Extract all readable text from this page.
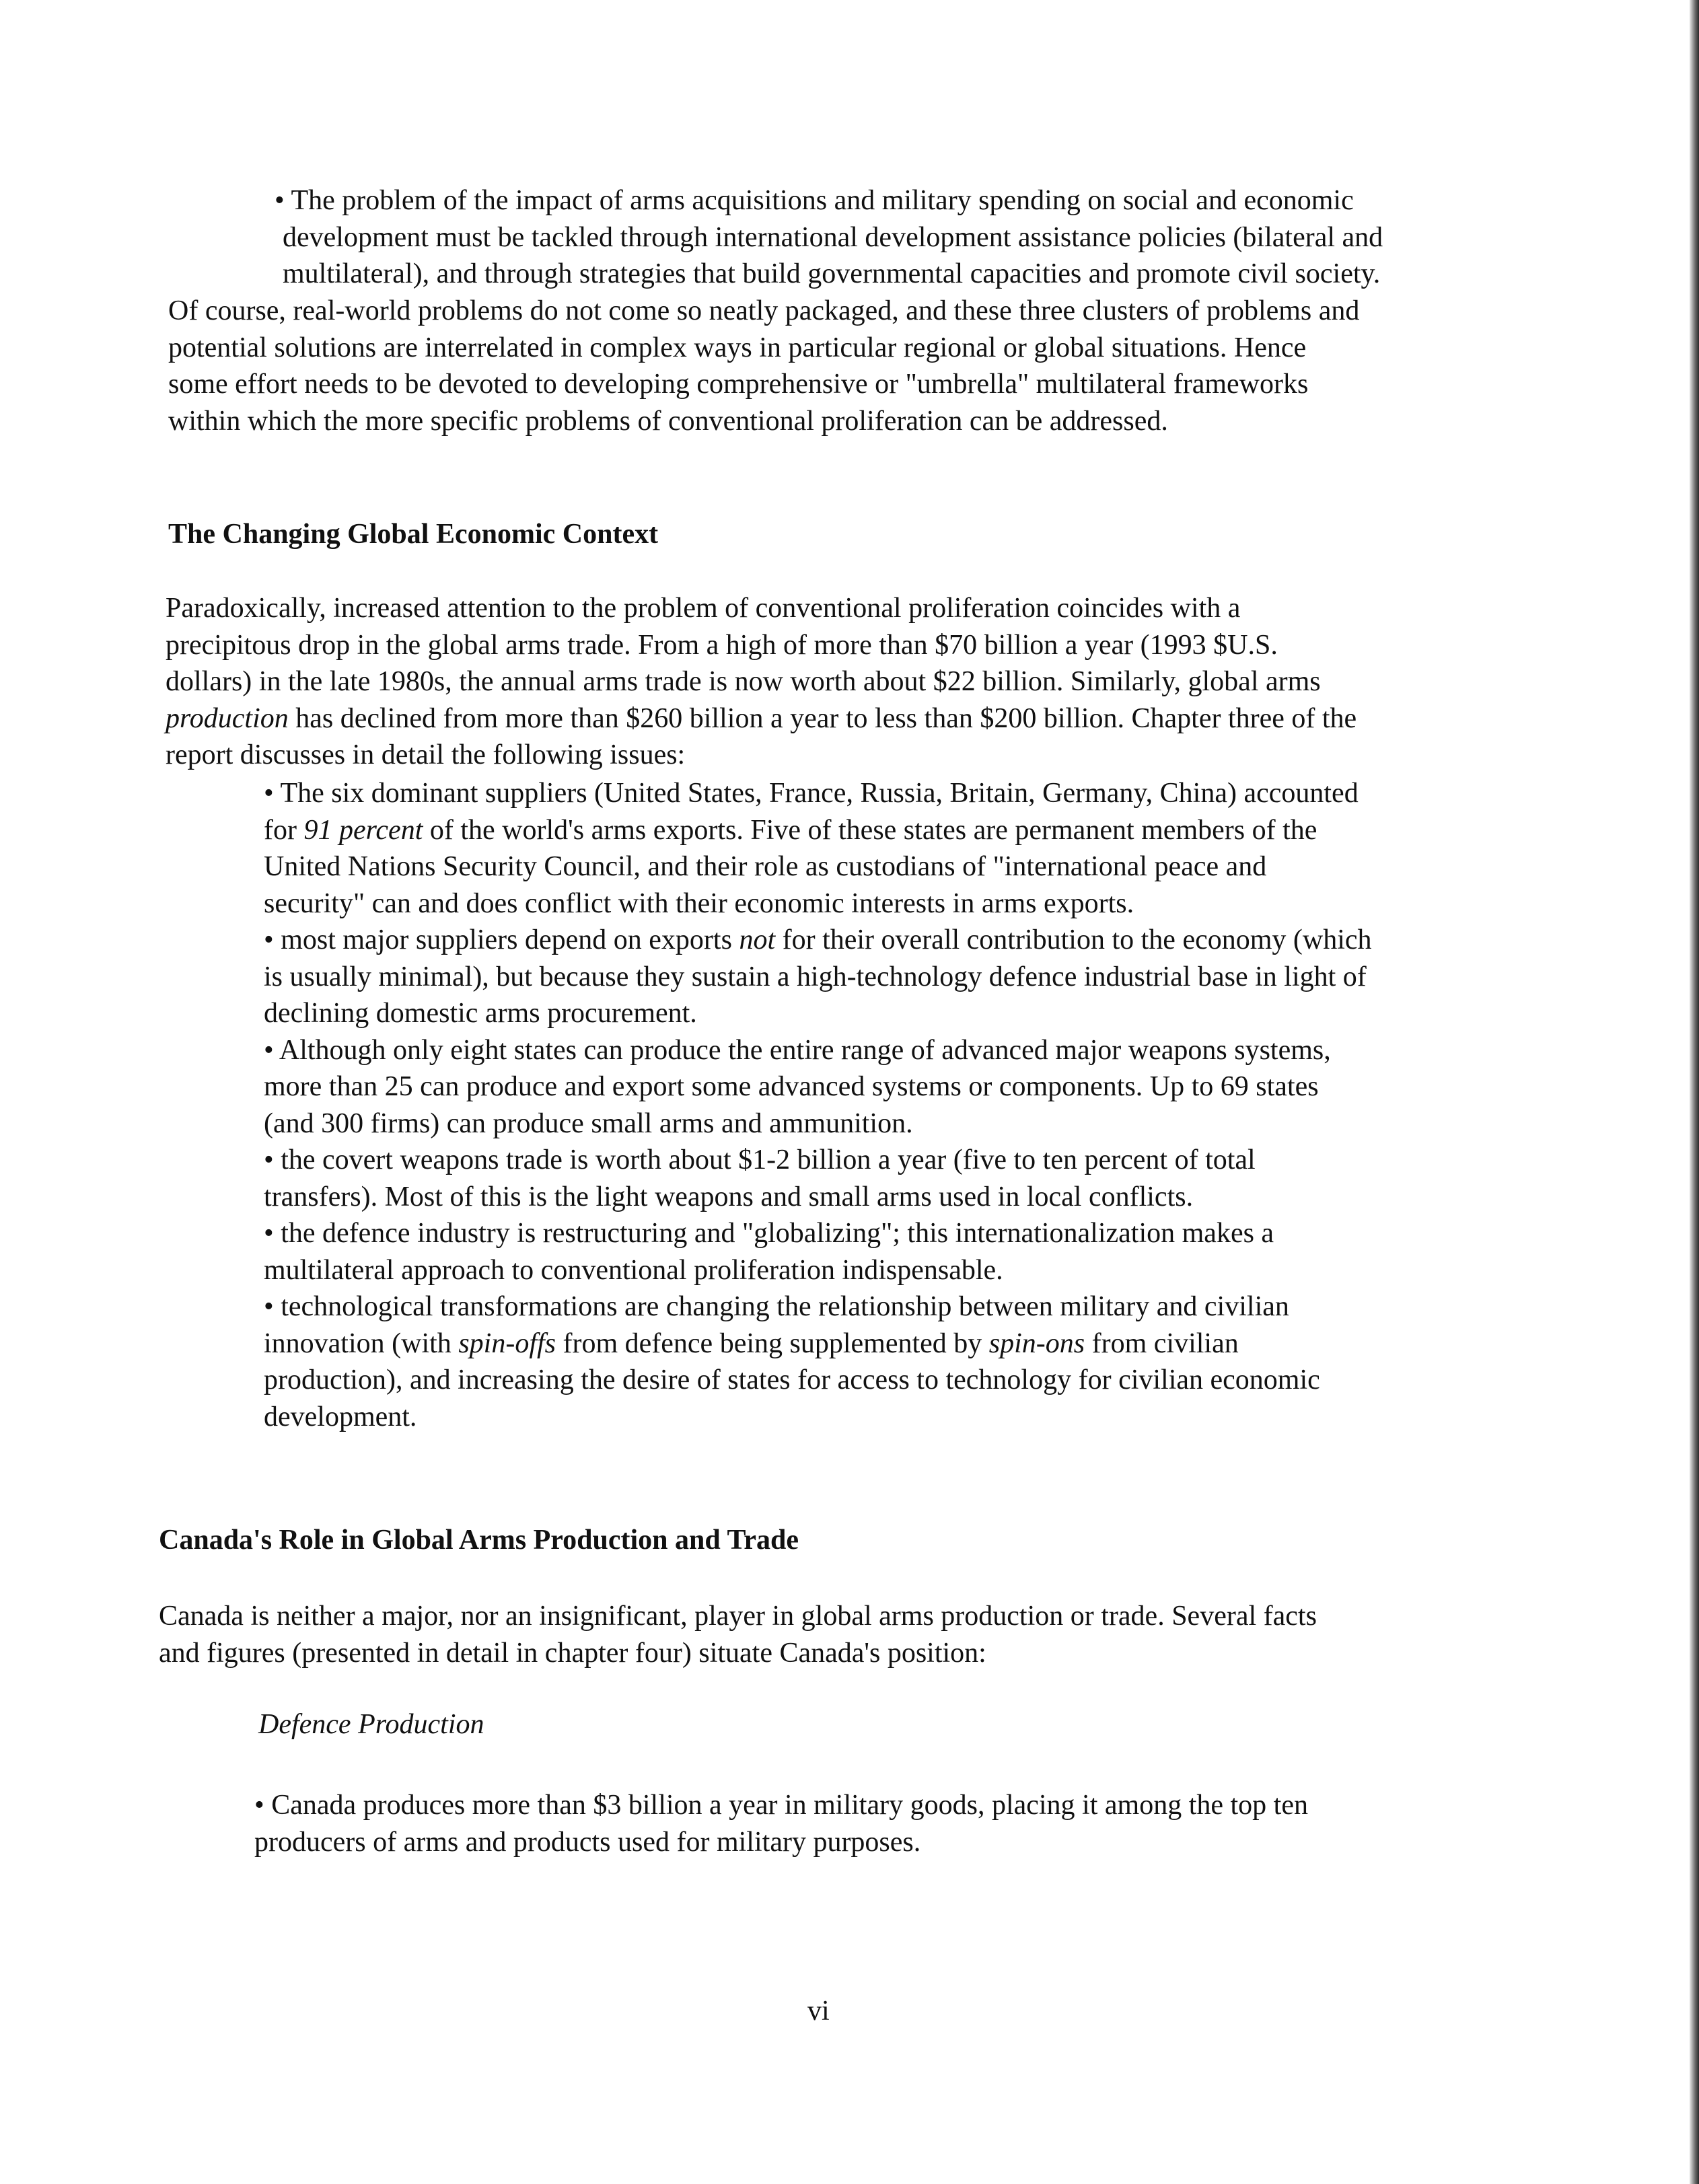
• The problem of the impact of arms acquisitions and military spending on social and economic
development must be tackled through international development assistance policies (bilateral and
multilateral), and through strategies that build governmental capacities and promote civil society.
Of course, real-world problems do not come so neatly packaged, and these three clusters of problems and
potential solutions are interrelated in complex ways in particular regional or global situations. Hence
some effort needs to be devoted to developing comprehensive or "umbrella" multilateral frameworks
within which the more specific problems of conventional proliferation can be addressed.
The Changing Global Economic Context
Paradoxically, increased attention to the problem of conventional proliferation coincides with a
precipitous drop in the global arms trade. From a high of more than $70 billion a year (1993 $U.S.
dollars) in the late 1980s, the annual arms trade is now worth about $22 billion. Similarly, global arms
production has declined from more than $260 billion a year to less than $200 billion. Chapter three of the
report discusses in detail the following issues:
• The six dominant suppliers (United States, France, Russia, Britain, Germany, China) accounted
for 91 percent of the world's arms exports. Five of these states are permanent members of the
United Nations Security Council, and their role as custodians of "international peace and
security" can and does conflict with their economic interests in arms exports.
• most major suppliers depend on exports not for their overall contribution to the economy (which
is usually minimal), but because they sustain a high-technology defence industrial base in light of
declining domestic arms procurement.
• Although only eight states can produce the entire range of advanced major weapons systems,
more than 25 can produce and export some advanced systems or components. Up to 69 states
(and 300 firms) can produce small arms and ammunition.
• the covert weapons trade is worth about $1-2 billion a year (five to ten percent of total
transfers). Most of this is the light weapons and small arms used in local conflicts.
• the defence industry is restructuring and "globalizing"; this internationalization makes a
multilateral approach to conventional proliferation indispensable.
• technological transformations are changing the relationship between military and civilian
innovation (with spin-offs from defence being supplemented by spin-ons from civilian
production), and increasing the desire of states for access to technology for civilian economic
development.
Canada's Role in Global Arms Production and Trade
Canada is neither a major, nor an insignificant, player in global arms production or trade. Several facts
and figures (presented in detail in chapter four) situate Canada's position:
Defence Production
• Canada produces more than $3 billion a year in military goods, placing it among the top ten
producers of arms and products used for military purposes.
vi
